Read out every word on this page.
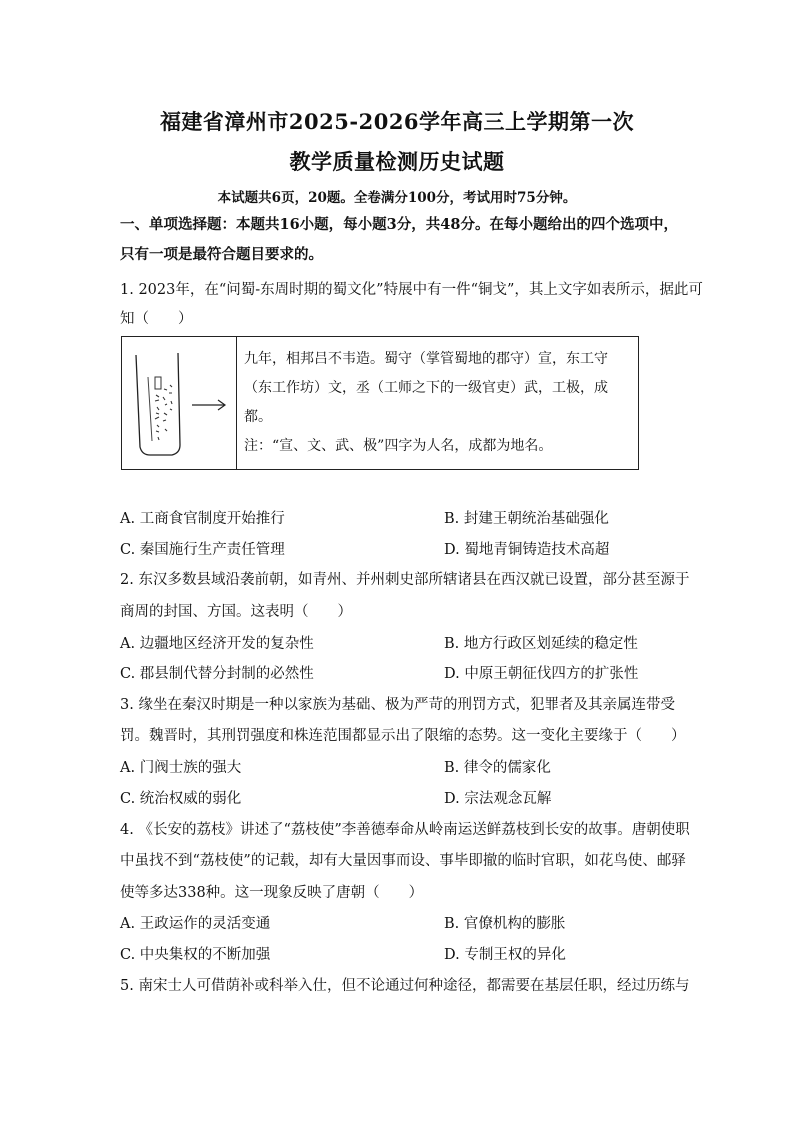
福建省漳州市2025-2026学年高三上学期第一次
教学质量检测历史试题
本试题共6页，20题。全卷满分100分，考试用时75分钟。
一、单项选择题：本题共16小题，每小题3分，共48分。在每小题给出的四个选项中，
只有一项是最符合题目要求的。
1. 2023年，在“问蜀-东周时期的蜀文化”特展中有一件“铜戈”，其上文字如表所示，据此可
知（　　）
九年，相邦吕不韦造。蜀守（掌管蜀地的郡守）宣，东工守
（东工作坊）文，丞（工师之下的一级官吏）武，工极，成
都。
注：“宣、文、武、极”四字为人名，成都为地名。
A. 工商食官制度开始推行	B. 封建王朝统治基础强化
C. 秦国施行生产责任管理	D. 蜀地青铜铸造技术高超
2. 东汉多数县域沿袭前朝，如青州、并州刺史部所辖诸县在西汉就已设置，部分甚至源于
商周的封国、方国。这表明（　　）
A. 边疆地区经济开发的复杂性	B. 地方行政区划延续的稳定性
C. 郡县制代替分封制的必然性	D. 中原王朝征伐四方的扩张性
3. 缘坐在秦汉时期是一种以家族为基础、极为严苛的刑罚方式，犯罪者及其亲属连带受
罚。魏晋时，其刑罚强度和株连范围都显示出了限缩的态势。这一变化主要缘于（　　）
A. 门阀士族的强大	B. 律令的儒家化
C. 统治权威的弱化	D. 宗法观念瓦解
4. 《长安的荔枝》讲述了“荔枝使”李善德奉命从岭南运送鲜荔枝到长安的故事。唐朝使职
中虽找不到“荔枝使”的记载，却有大量因事而设、事毕即撤的临时官职，如花鸟使、邮驿
使等多达338种。这一现象反映了唐朝（　　）
A. 王政运作的灵活变通	B. 官僚机构的膨胀
C. 中央集权的不断加强	D. 专制王权的异化
5. 南宋士人可借荫补或科举入仕，但不论通过何种途径，都需要在基层任职，经过历练与
